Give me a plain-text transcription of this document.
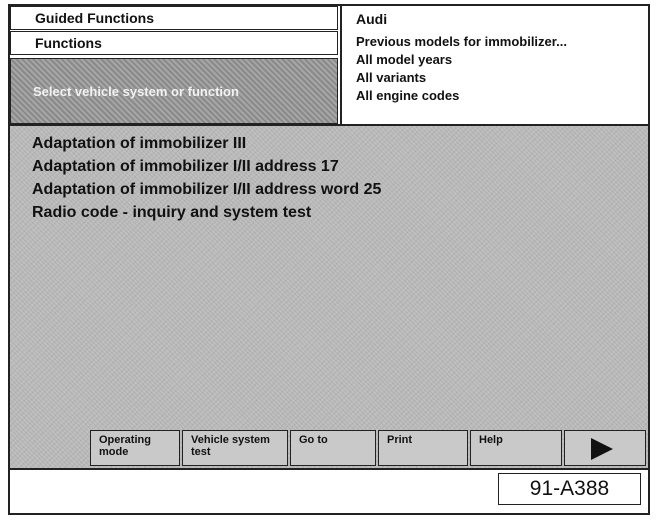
Guided Functions
Functions
Select vehicle system or function
Audi
Previous models for immobilizer...
All model years
All variants
All engine codes
Adaptation of immobilizer III
Adaptation of immobilizer I/II address 17
Adaptation of immobilizer I/II address word 25
Radio code - inquiry and system test
Operating
mode
Vehicle system
test
Go to	Print	Help
91-A388
